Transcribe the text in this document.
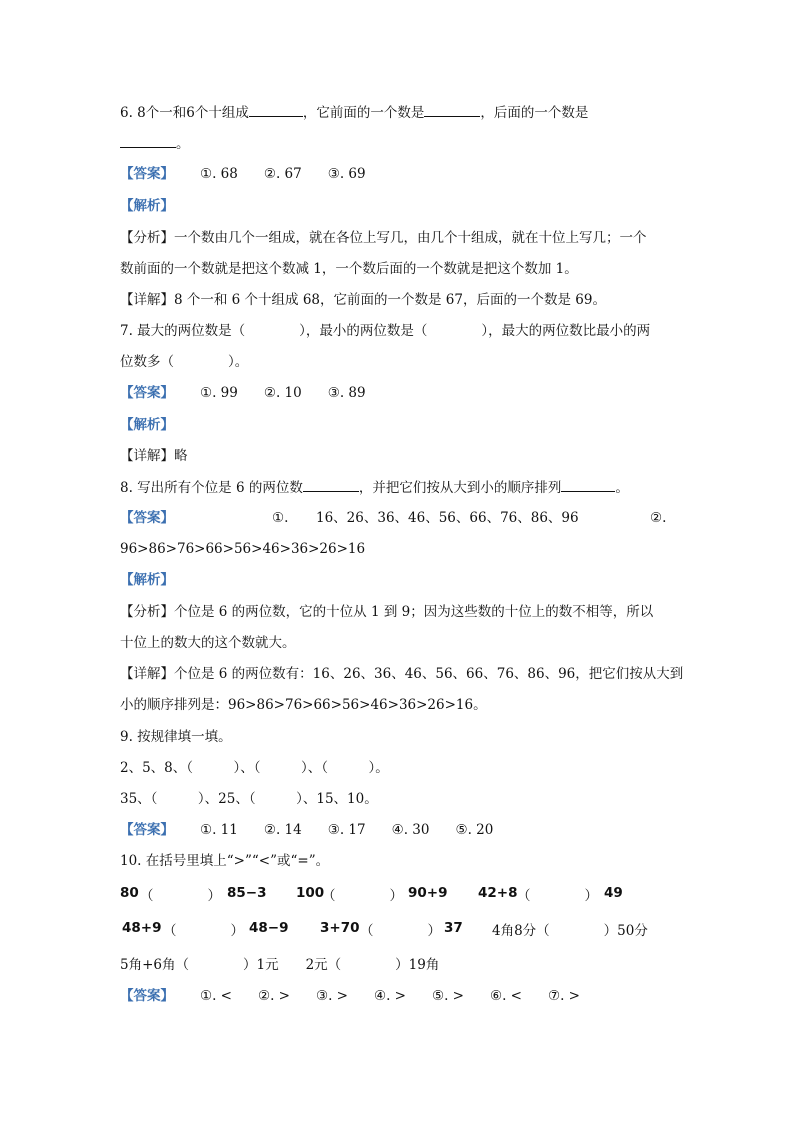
6. 8个一和6个十组成	，它前面的一个数是	，后面的一个数是
。
【答案】 ①. 68 ②. 67 ③. 69
【解析】
【分析】一个数由几个一组成，就在各位上写几，由几个十组成，就在十位上写几；一个
数前面的一个数就是把这个数减 1，一个数后面的一个数就是把这个数加 1。
【详解】8 个一和 6 个十组成 68，它前面的一个数是 67，后面的一个数是 69。
7. 最大的两位数是（　　　　），最小的两位数是（　　　　），最大的两位数比最小的两
位数多（　　　　）。
【答案】 ①. 99 ②. 10 ③. 89
【解析】
【详解】略
8. 写出所有个位是 6 的两位数	，并把它们按从大到小的顺序排列	。
【答案】	①. 16、26、36、46、56、66、76、86、96	②.
96>86>76>66>56>46>36>26>16
【解析】
【分析】个位是 6 的两位数，它的十位从 1 到 9；因为这些数的十位上的数不相等，所以
十位上的数大的这个数就大。
【详解】个位是 6 的两位数有：16、26、36、46、56、66、76、86、96，把它们按从大到
小的顺序排列是：96>86>76>66>56>46>36>26>16。
9. 按规律填一填。
2、5、8、（　　　）、（　　　）、（　　　）。
35、（　　　）、25、（　　　）、15、10。
【答案】 ①. 11 ②. 14 ③. 17 ④. 30 ⑤. 20
10. 在括号里填上“>”“<”或“=”。
80 （　　　　） 85−3 100
（　　　　） 90+9 42+8 （　　　　） 49
48+9 （　　　　） 48−9 3+70 （　　　　） 37 4角8分（　　　　）50分
5角+6角（　　　　）1元　　2元（　　　　）19角
【答案】 ①. < ②. > ③. > ④. > ⑤. > ⑥. < ⑦. >
